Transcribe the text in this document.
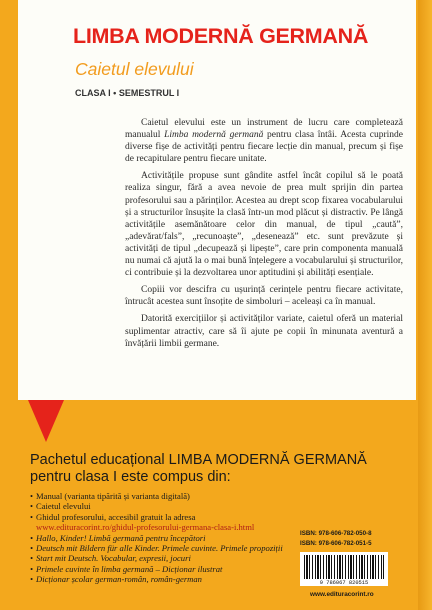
LIMBA MODERNĂ GERMANĂ
Caietul elevului
CLASA I • SEMESTRUL I

Caietul elevului este un instrument de lucru care completează manualul Limba modernă germană pentru clasa întâi. Acesta cuprinde diverse fișe de activități pentru fiecare lecție din manual, precum și fișe de recapitulare pentru fiecare unitate.

Activitățile propuse sunt gândite astfel încât copilul să le poată realiza singur, fără a avea nevoie de prea mult sprijin din partea profesorului sau a părinților. Acestea au drept scop fixarea vocabularului și a structurilor însușite la clasă într-un mod plăcut și distractiv. Pe lângă activitățile asemănătoare celor din manual, de tipul „caută”, „adevărat/fals”, „recunoaște”, „desenează” etc. sunt prevăzute și activități de tipul „decupează și lipește”, care prin componenta manuală nu numai că ajută la o mai bună înțelegere a vocabularului și structurilor, ci contribuie și la dezvoltarea unor aptitudini și abilități esențiale.

Copiii vor descifra cu ușurință cerințele pentru fiecare activitate, întrucât acestea sunt însoțite de simboluri – aceleași ca în manual.

Datorită exercițiilor și activităților variate, caietul oferă un material suplimentar atractiv, care să îi ajute pe copii în minunata aventură a învățării limbii germane.

Pachetul educațional LIMBA MODERNĂ GERMANĂ
pentru clasa I este compus din:
• Manual (varianta tipărită și varianta digitală)
• Caietul elevului
• Ghidul profesorului, accesibil gratuit la adresa
www.edituracorint.ro/ghidul-profesorului-germana-clasa-i.html
• Hallo, Kinder! Limbă germană pentru începători
• Deutsch mit Bildern für alle Kinder. Primele cuvinte. Primele propoziții
• Start mit Deutsch. Vocabular, expresii, jocuri
• Primele cuvinte în limba germană – Dicționar ilustrat
• Dicționar școlar german-român, român-german
ISBN: 978-606-782-050-8
ISBN: 978-606-782-051-5
9 786067 820515
www.edituracorint.ro
